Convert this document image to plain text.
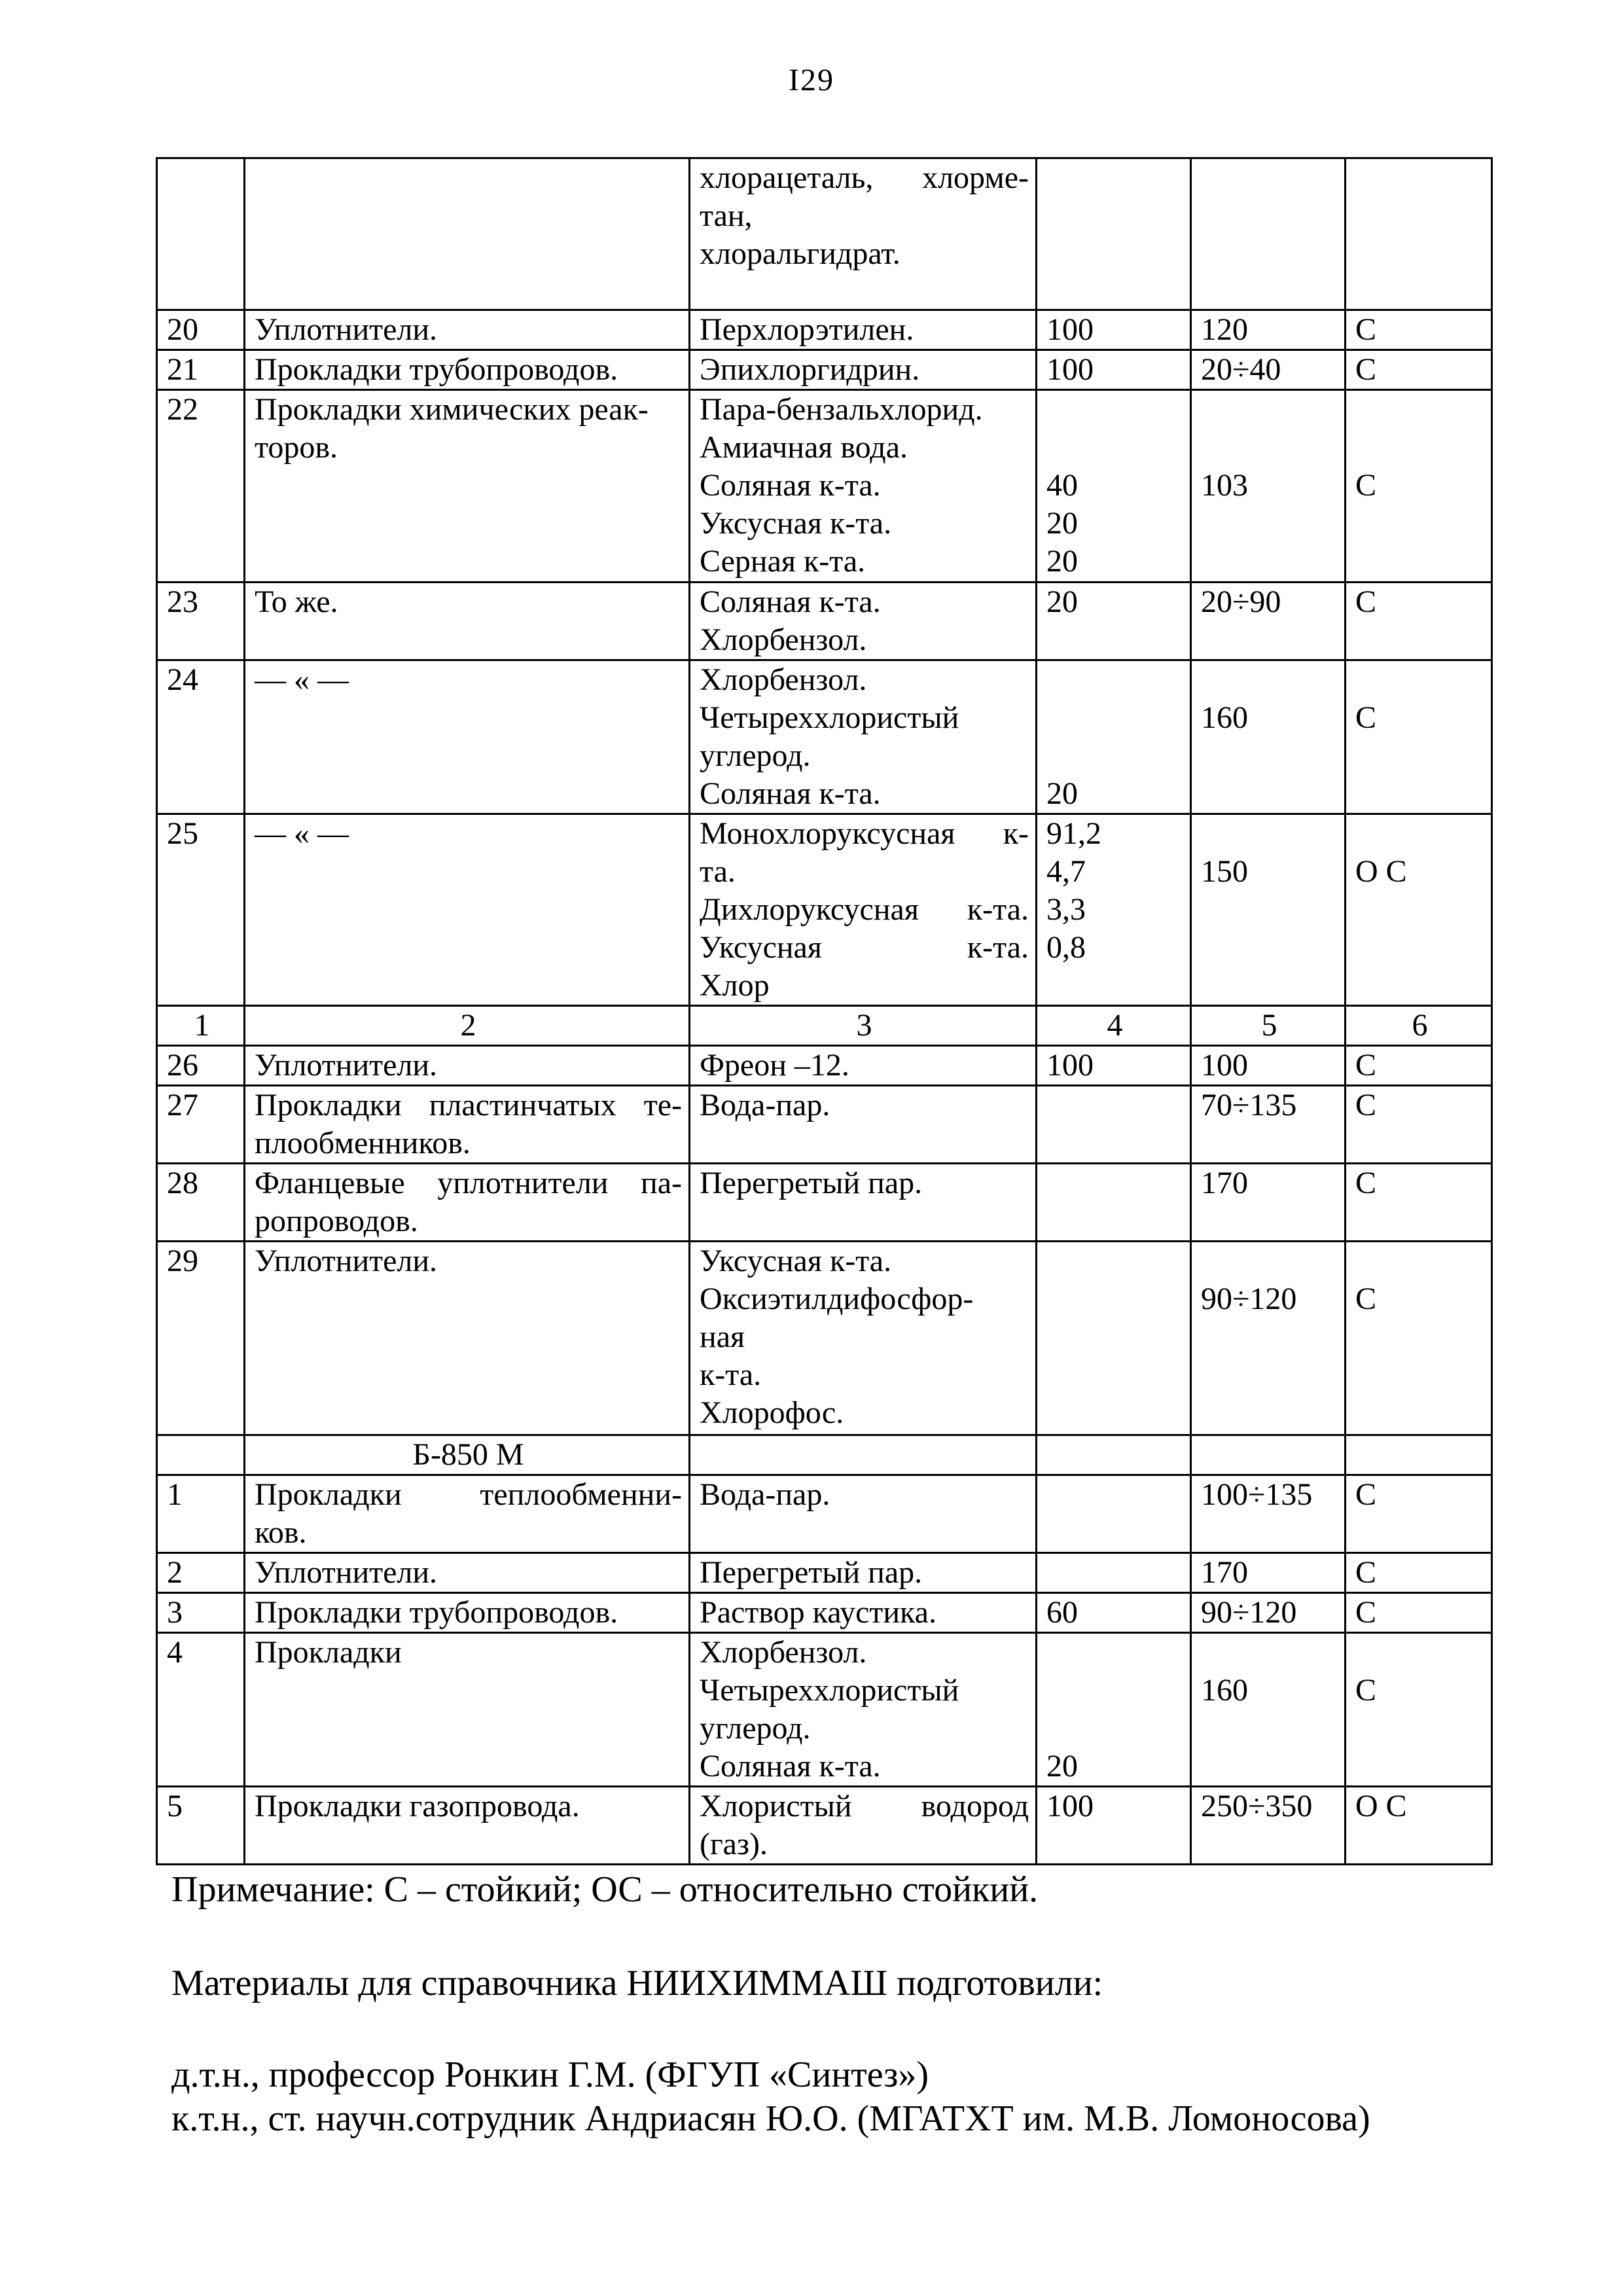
I29

		хлорацеталь, хлорме-
тан,
хлоральгидрат.			

20	Уплотнители.	Перхлорэтилен.	100	120	С

21	Прокладки трубопроводов.	Эпихлоргидрин.	100	20÷40	С

22	Прокладки химических реак-
торов.	Пара-бензальхлорид.
Амиачная вода.
Соляная к-та.
Уксусная к-та.
Серная к-та.	40
20
20	103	С

23	То же.	Соляная к-та.
Хлорбензол.	20	20÷90	С

24	— « —	Хлорбензол.
Четыреххлористый
углерод.
Соляная к-та.	20	160	С

25	— « —	Монохлоруксусная к-
та.
Дихлоруксусная к-та.
Уксусная к-та.
Хлор	91,2
4,7
3,3
0,8	150	О С

1	2	3	4	5	6
26	Уплотнители.	Фреон –12.	100	100	С

27	Прокладки пластинчатых те-
плообменников.	Вода-пар.		70÷135	С

28	Фланцевые уплотнители па-
ропроводов.	Перегретый пар.		170	С

29	Уплотнители.	Уксусная к-та.
Оксиэтилдифосфор-
ная
к-та.
Хлорофос.		90÷120	С

	Б-850 М				
1	Прокладки теплообменни-
ков.	Вода-пар.		100÷135	С

2	Уплотнители.	Перегретый пар.		170	С

3	Прокладки трубопроводов.	Раствор каустика.	60	90÷120	С

4	Прокладки	Хлорбензол.
Четыреххлористый
углерод.
Соляная к-та.	20	160	С

5	Прокладки газопровода.	Хлористый водород
(газ).	100	250÷350	О С
Примечание: С – стойкий; ОС – относительно стойкий.
Материалы для справочника НИИХИММАШ подготовили:
д.т.н., профессор Ронкин Г.М. (ФГУП «Синтез»)
к.т.н., ст. научн.сотрудник Андриасян Ю.О. (МГАТХТ им. М.В. Ломоносова)
